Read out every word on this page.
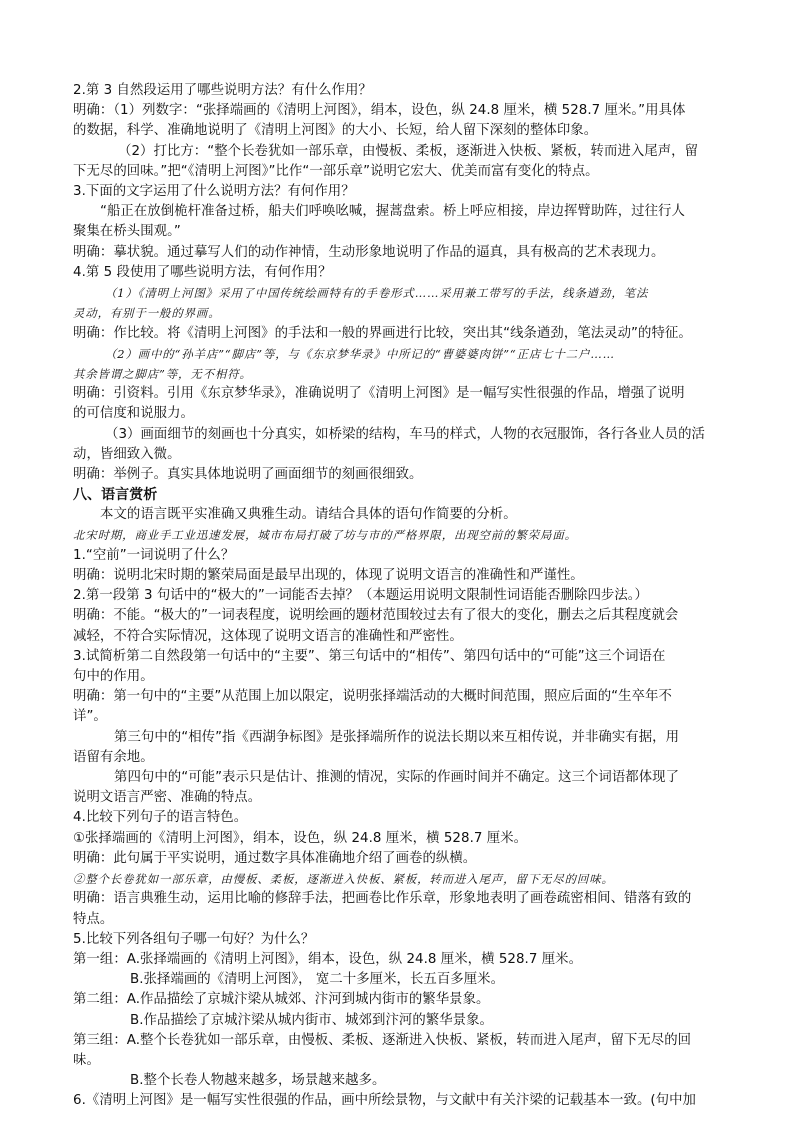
2.第 3 自然段运用了哪些说明方法？有什么作用？
明确：（1）列数字：“张择端画的《清明上河图》，绢本，设色，纵 24.8 厘米，横 528.7 厘米。”用具体
的数据，科学、准确地说明了《清明上河图》的大小、长短，给人留下深刻的整体印象。
（2）打比方：“整个长卷犹如一部乐章，由慢板、柔板，逐渐进入快板、紧板，转而进入尾声，留
下无尽的回味。”把“《清明上河图》”比作“一部乐章”说明它宏大、优美而富有变化的特点。
3.下面的文字运用了什么说明方法？有何作用？
“船正在放倒桅杆准备过桥，船夫们呼唤吆喊，握蒿盘索。桥上呼应相接，岸边挥臂助阵，过往行人
聚集在桥头围观。”
明确：摹状貌。通过摹写人们的动作神情，生动形象地说明了作品的逼真，具有极高的艺术表现力。
4.第 5 段使用了哪些说明方法，有何作用？
（1）《清明上河图》采用了中国传统绘画特有的手卷形式……采用兼工带写的手法，线条遒劲，笔法
灵动，有别于一般的界画。
明确：作比较。将《清明上河图》的手法和一般的界画进行比较，突出其“线条遒劲，笔法灵动”的特征。
（2）画中的“孙羊店”“脚店”等，与《东京梦华录》中所记的“曹婆婆肉饼”“正店七十二户……
其余皆谓之脚店”等，无不相符。
明确：引资料。引用《东京梦华录》，准确说明了《清明上河图》是一幅写实性很强的作品，增强了说明
的可信度和说服力。
（3）画面细节的刻画也十分真实，如桥梁的结构，车马的样式，人物的衣冠服饰，各行各业人员的活
动，皆细致入微。
明确：举例子。真实具体地说明了画面细节的刻画很细致。
八、语言赏析
本文的语言既平实准确又典雅生动。请结合具体的语句作简要的分析。
北宋时期，商业手工业迅速发展，城市布局打破了坊与市的严格界限，出现空前的繁荣局面。
1.“空前”一词说明了什么？
明确：说明北宋时期的繁荣局面是最早出现的，体现了说明文语言的准确性和严谨性。
2.第一段第 3 句话中的“极大的”一词能否去掉？（本题运用说明文限制性词语能否删除四步法。）
明确：不能。“极大的”一词表程度，说明绘画的题材范围较过去有了很大的变化，删去之后其程度就会
减轻，不符合实际情况，这体现了说明文语言的准确性和严密性。
3.试简析第二自然段第一句话中的“主要”、第三句话中的“相传”、第四句话中的“可能”这三个词语在
句中的作用。
明确：第一句中的“主要”从范围上加以限定，说明张择端活动的大概时间范围，照应后面的“生卒年不
详”。
第三句中的“相传”指《西湖争标图》是张择端所作的说法长期以来互相传说，并非确实有据，用
语留有余地。
第四句中的“可能”表示只是估计、推测的情况，实际的作画时间并不确定。这三个词语都体现了
说明文语言严密、准确的特点。
4.比较下列句子的语言特色。
①张择端画的《清明上河图》，绢本，设色，纵 24.8 厘米，横 528.7 厘米。
明确：此句属于平实说明，通过数字具体准确地介绍了画卷的纵横。
②整个长卷犹如一部乐章，由慢板、柔板，逐渐进入快板、紧板，转而进入尾声，留下无尽的回味。
明确：语言典雅生动，运用比喻的修辞手法，把画卷比作乐章，形象地表明了画卷疏密相间、错落有致的
特点。
5.比较下列各组句子哪一句好？为什么？
第一组：A.张择端画的《清明上河图》，绢本，设色，纵 24.8 厘米，横 528.7 厘米。
B.张择端画的《清明上河图》， 宽二十多厘米，长五百多厘米。
第二组：A.作品描绘了京城汴梁从城郊、汴河到城内街市的繁华景象。
B.作品描绘了京城汴梁从城内街市、城郊到汴河的繁华景象。
第三组：A.整个长卷犹如一部乐章，由慢板、柔板、逐渐进入快板、紧板，转而进入尾声，留下无尽的回
味。
B.整个长卷人物越来越多，场景越来越多。
6.《清明上河图》是一幅写实性很强的作品，画中所绘景物，与文献中有关汴梁的记载基本一致。(句中加
